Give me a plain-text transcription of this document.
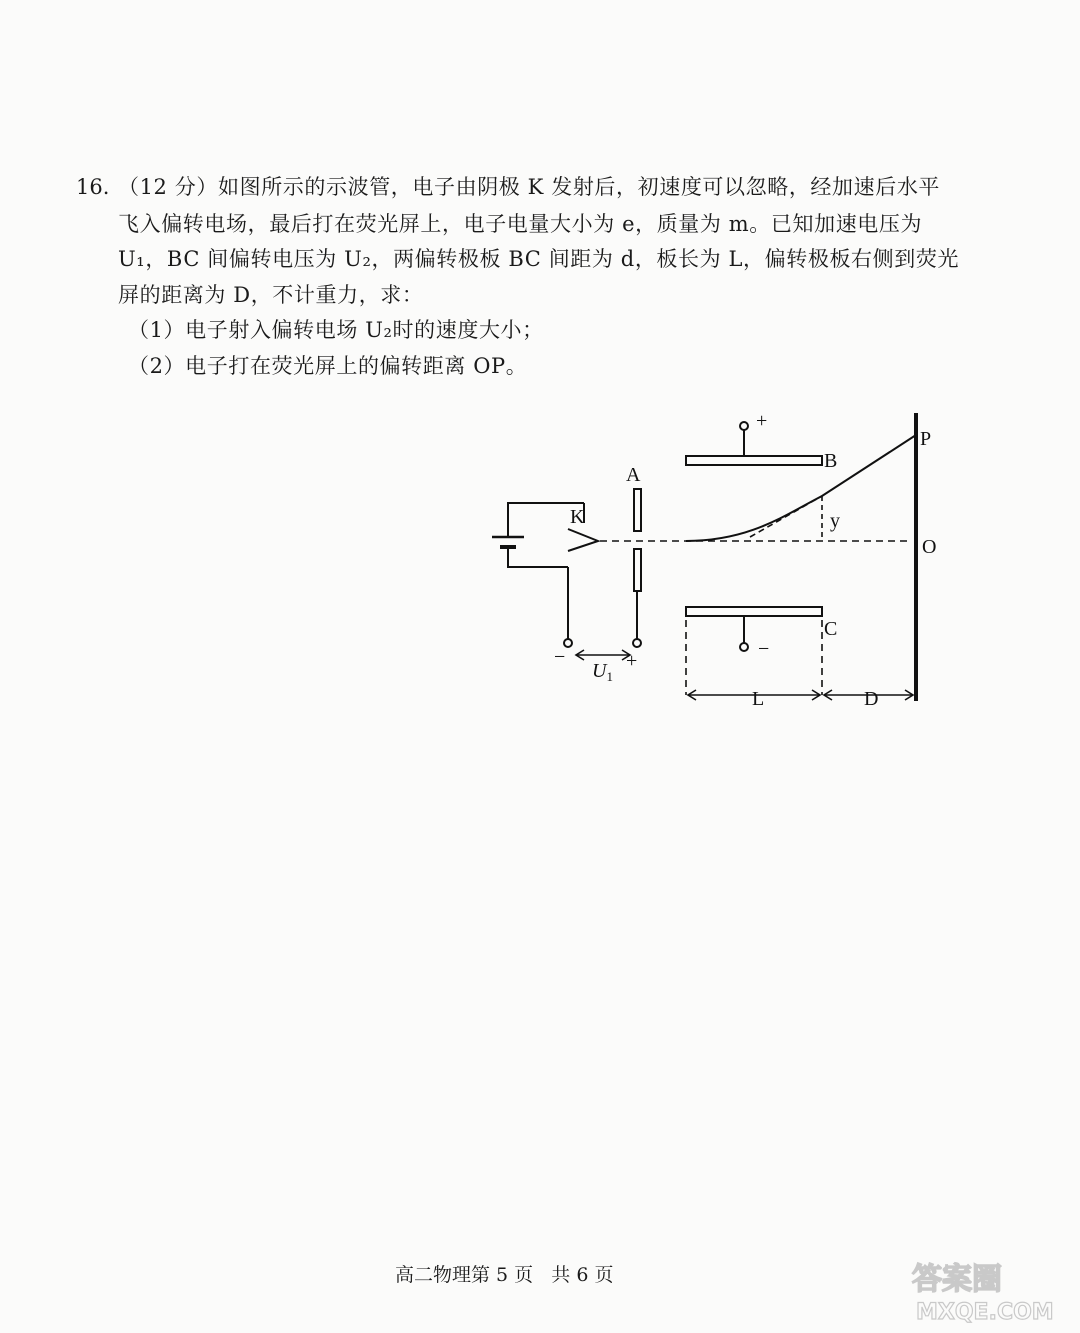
16. （12 分）如图所示的示波管，电子由阴极 K 发射后，初速度可以忽略，经加速后水平
飞入偏转电场，最后打在荧光屏上，电子电量大小为 e，质量为 m。已知加速电压为
U₁，BC 间偏转电压为 U₂，两偏转极板 BC 间距为 d，板长为 L，偏转极板右侧到荧光
屏的距离为 D，不计重力，求：
（1）电子射入偏转电场 U₂时的速度大小；
（2）电子打在荧光屏上的偏转距离 OP。
K
A
B
C
P
O
y
L	D
+
−
−	+
$U_1$
高二物理第 5 页   共 6 页	答案圈
MXQE.COM
